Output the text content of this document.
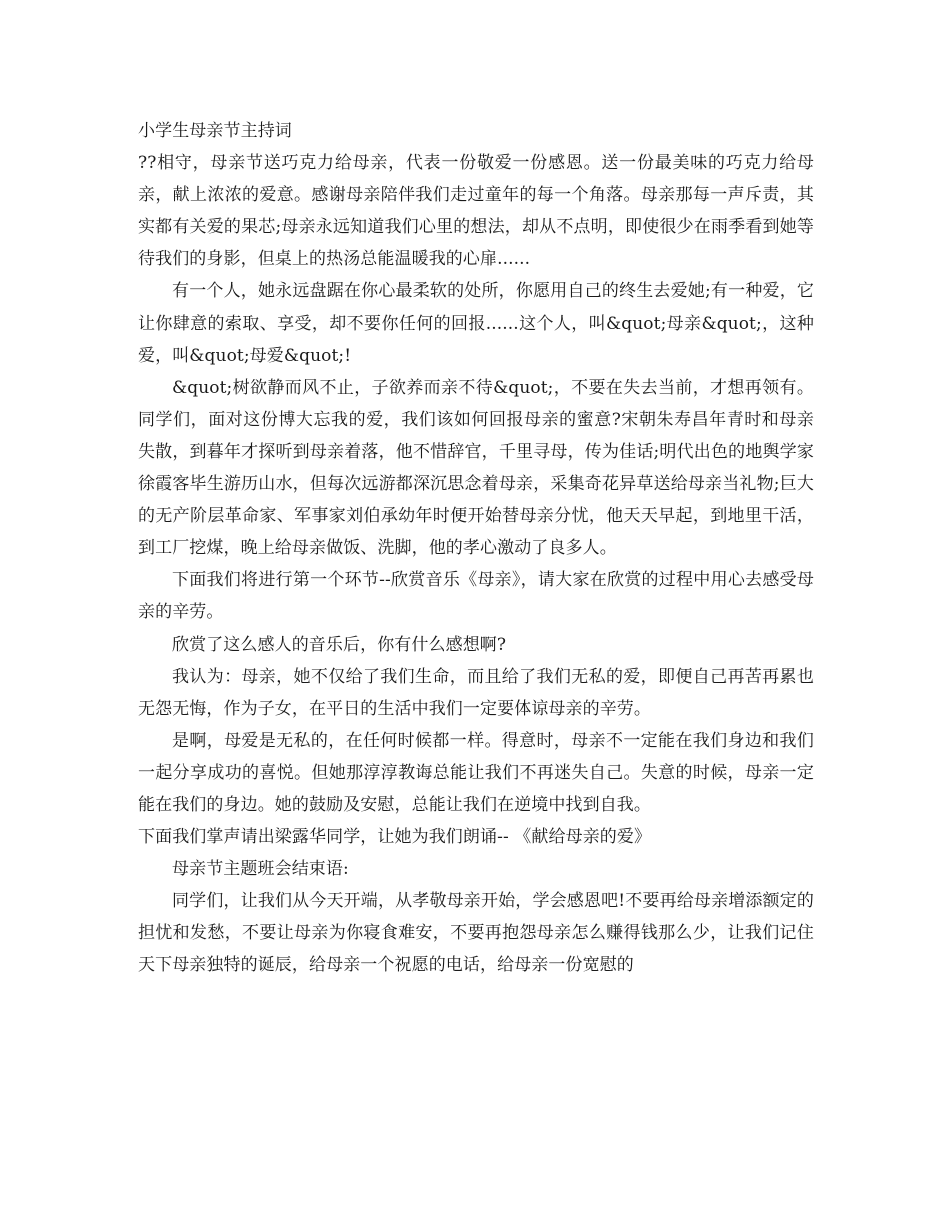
小学生母亲节主持词

??相守，母亲节送巧克力给母亲，代表一份敬爱一份感恩。送一份最美味的巧克力给母亲，献上浓浓的爱意。感谢母亲陪伴我们走过童年的每一个角落。母亲那每一声斥责，其实都有关爱的果芯;母亲永远知道我们心里的想法，却从不点明，即使很少在雨季看到她等待我们的身影，但桌上的热汤总能温暖我的心扉......

有一个人，她永远盘踞在你心最柔软的处所，你愿用自己的终生去爱她;有一种爱，它让你肆意的索取、享受，却不要你任何的回报......这个人，叫&quot;母亲&quot;，这种爱，叫&quot;母爱&quot;!

&quot;树欲静而风不止，子欲养而亲不待&quot;，不要在失去当前，才想再领有。同学们，面对这份博大忘我的爱，我们该如何回报母亲的蜜意?宋朝朱寿昌年青时和母亲失散，到暮年才探听到母亲着落，他不惜辞官，千里寻母，传为佳话;明代出色的地舆学家徐霞客毕生游历山水，但每次远游都深沉思念着母亲，采集奇花异草送给母亲当礼物;巨大的无产阶层革命家、军事家刘伯承幼年时便开始替母亲分忧，他天天早起，到地里干活，到工厂挖煤，晚上给母亲做饭、洗脚，他的孝心激动了良多人。

下面我们将进行第一个环节--欣赏音乐《母亲》，请大家在欣赏的过程中用心去感受母亲的辛劳。

欣赏了这么感人的音乐后，你有什么感想啊?

我认为：母亲，她不仅给了我们生命，而且给了我们无私的爱，即便自己再苦再累也无怨无悔，作为子女，在平日的生活中我们一定要体谅母亲的辛劳。

是啊，母爱是无私的，在任何时候都一样。得意时，母亲不一定能在我们身边和我们一起分享成功的喜悦。但她那淳淳教诲总能让我们不再迷失自己。失意的时候，母亲一定能在我们的身边。她的鼓励及安慰，总能让我们在逆境中找到自我。

下面我们掌声请出梁露华同学，让她为我们朗诵-- 《献给母亲的爱》

母亲节主题班会结束语:

同学们，让我们从今天开端，从孝敬母亲开始，学会感恩吧!不要再给母亲增添额定的担忧和发愁，不要让母亲为你寝食难安，不要再抱怨母亲怎么赚得钱那么少，让我们记住天下母亲独特的诞辰，给母亲一个祝愿的电话，给母亲一份宽慰的
